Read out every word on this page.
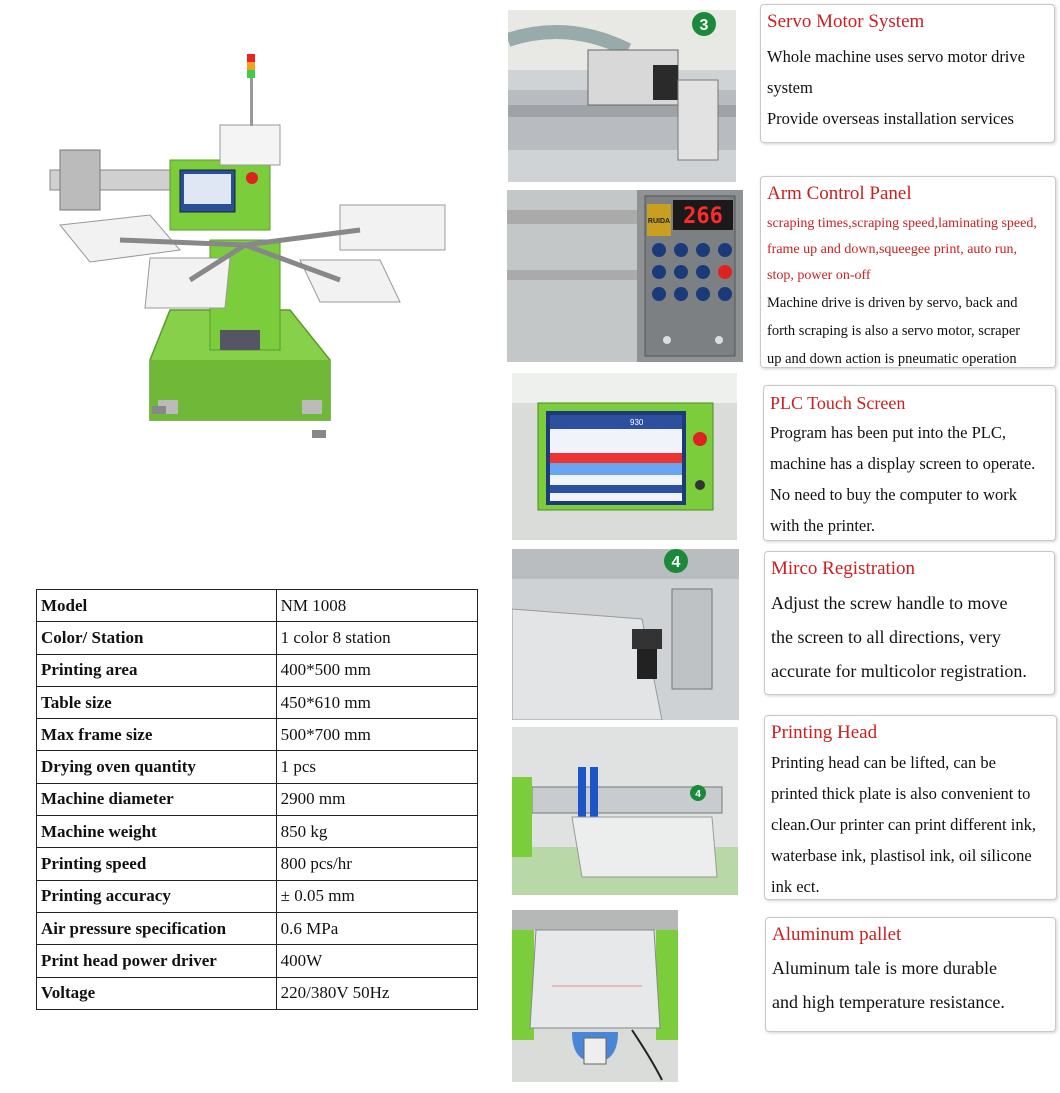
Model	NM 1008
Color/ Station	1 color 8 station
Printing area	400*500 mm
Table size	450*610 mm
Max frame size	500*700 mm
Drying oven quantity	1 pcs
Machine diameter	2900 mm
Machine weight	850 kg
Printing speed	800 pcs/hr
Printing accuracy	± 0.05 mm
Air pressure specification	0.6 MPa
Print head power driver	400W
Voltage	220/380V 50Hz
3
266
RUIDA
930
4
4

Servo Motor System

Whole machine uses servo motor drive

system

Provide overseas installation services

Arm Control Panel

scraping times,scraping speed,laminating speed,

frame up and down,squeegee print, auto run,

stop, power on-off

Machine drive is driven by servo, back and

forth scraping is also a servo motor, scraper

up and down action is pneumatic operation

PLC Touch Screen

Program has been put into the PLC,

machine has a display screen to operate.

No need to buy the computer to work

with the printer.

Mirco Registration

Adjust the screw handle to move

the screen to all directions, very

accurate for multicolor registration.

Printing Head

Printing head can be lifted, can be

printed thick plate is also convenient to

clean.Our printer can print different ink,

waterbase ink, plastisol ink, oil silicone

ink ect.

Aluminum pallet

Aluminum tale is more durable

and high temperature resistance.
